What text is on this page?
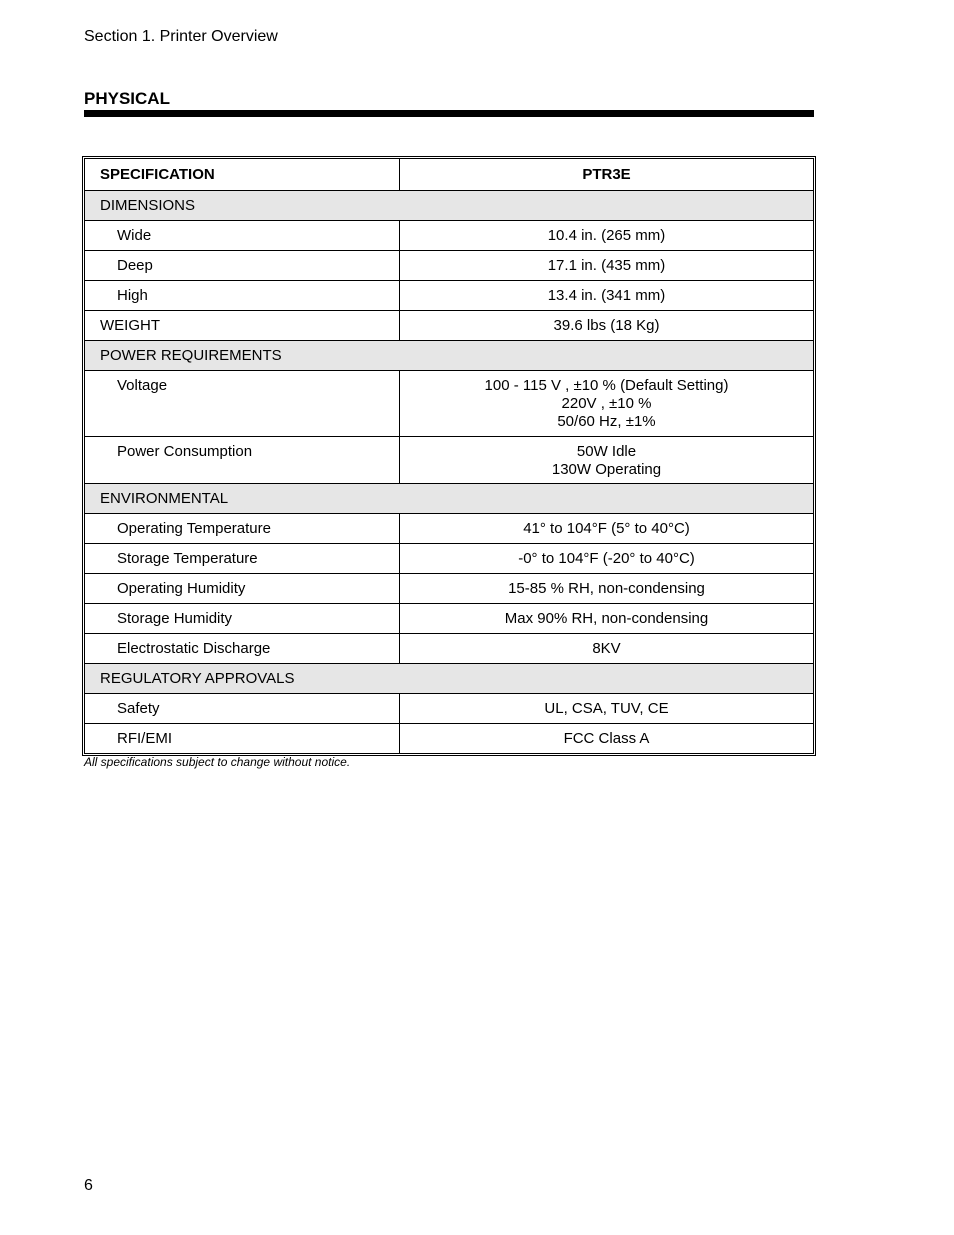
Section 1. Printer Overview
PHYSICAL
SPECIFICATION	PTR3E
DIMENSIONS	
Wide	10.4 in. (265 mm)
Deep	17.1 in. (435 mm)
High	13.4 in. (341 mm)
WEIGHT	39.6 lbs (18 Kg)
POWER REQUIREMENTS	
Voltage	100 - 115 V , ±10 % (Default Setting)
220V , ±10 %
50/60 Hz, ±1%

Power Consumption	50W Idle
130W Operating

ENVIRONMENTAL	
Operating Temperature	41° to 104°F (5° to 40°C)
Storage Temperature	-0° to 104°F (-20° to 40°C)
Operating Humidity	15-85 % RH, non-condensing
Storage Humidity	Max 90% RH, non-condensing
Electrostatic Discharge	8KV
REGULATORY APPROVALS	
Safety	UL, CSA, TUV, CE
RFI/EMI	FCC Class A
All specifications subject to change without notice.
6
